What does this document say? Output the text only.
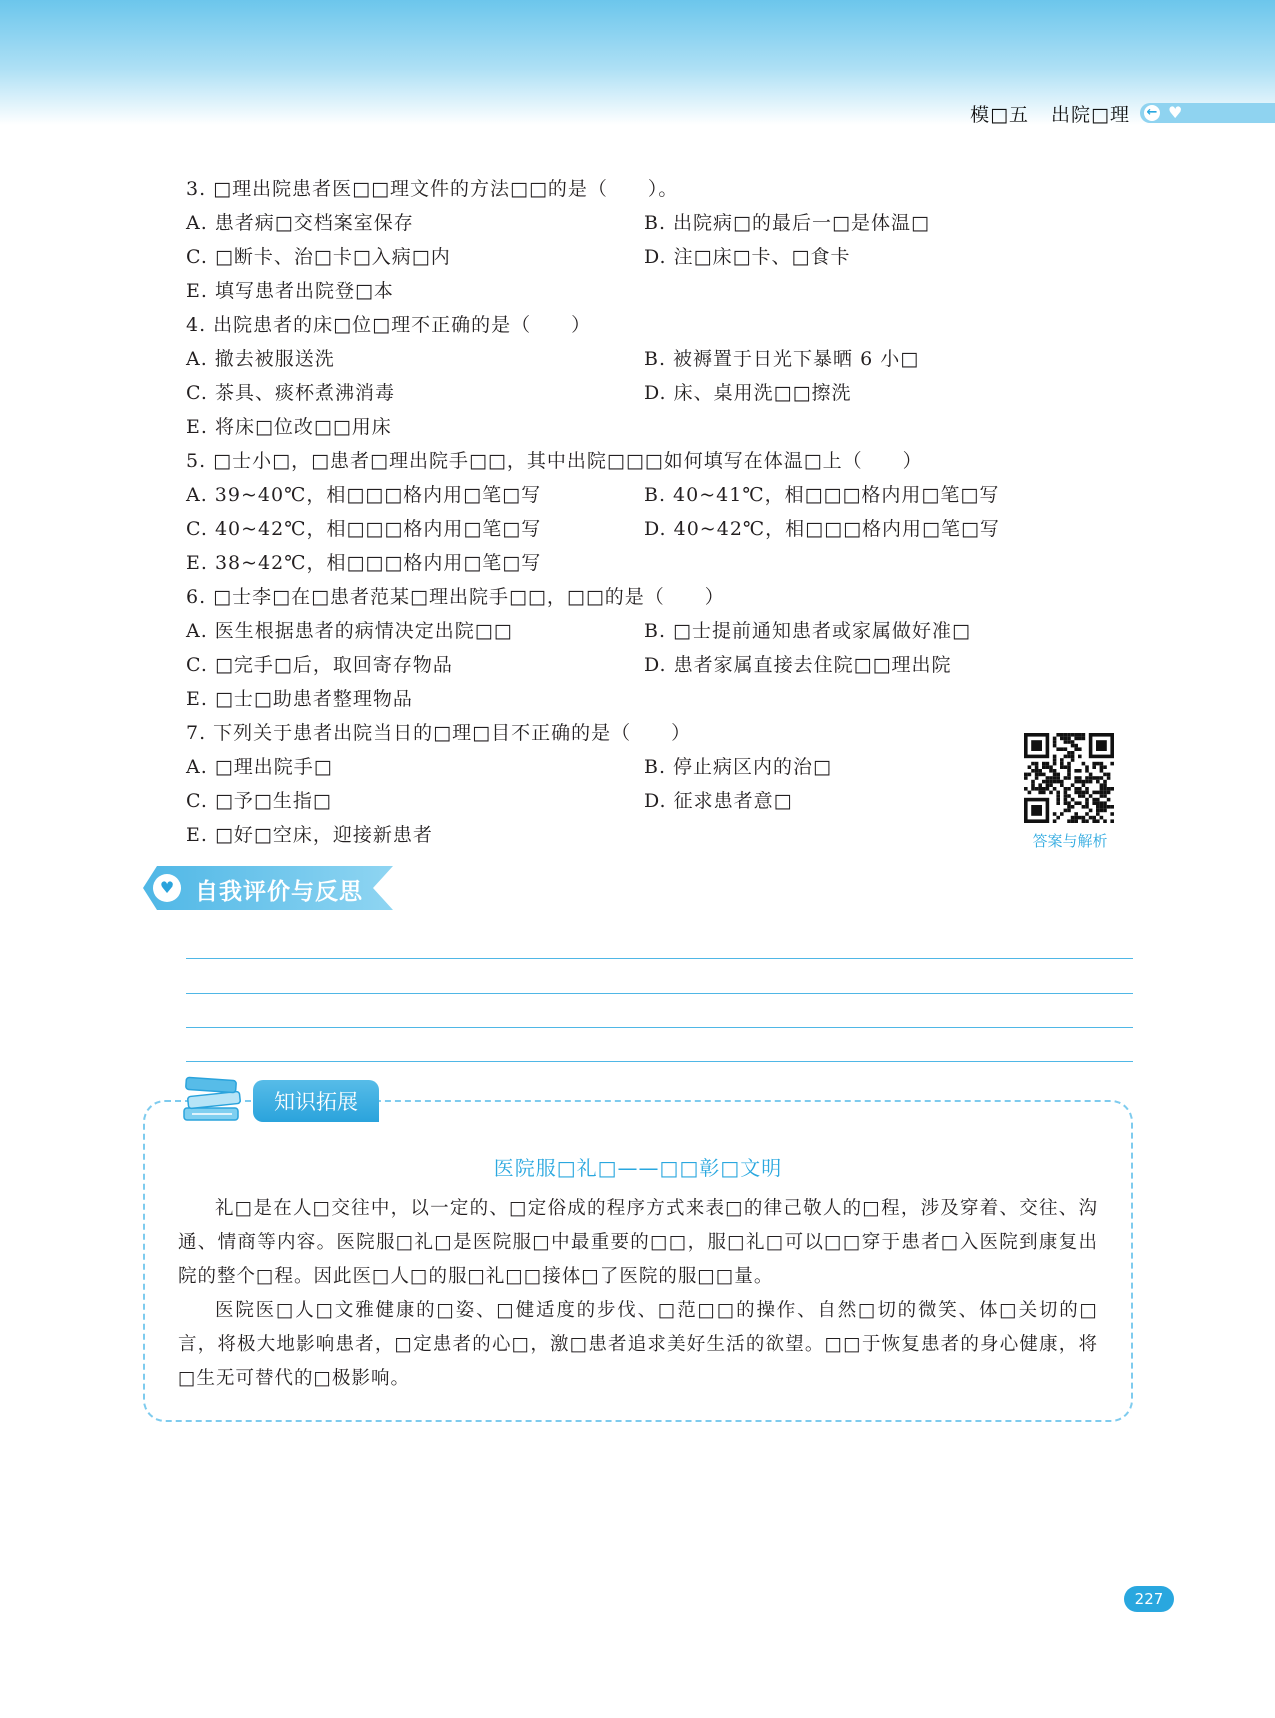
模□五 出院□理 ← ♥
3. □理出院患者医□□理文件的方法□□的是（　　）。
A. 患者病□交档案室保存	B. 出院病□的最后一□是体温□
C. □断卡、治□卡□入病□内	D. 注□床□卡、□食卡
E. 填写患者出院登□本
4. 出院患者的床□位□理不正确的是（　　）
A. 撤去被服送洗	B. 被褥置于日光下暴晒 6 小□
C. 茶具、痰杯煮沸消毒	D. 床、桌用洗□□擦洗
E. 将床□位改□□用床
5. □士小□，□患者□理出院手□□，其中出院□□□如何填写在体温□上（　　）
A. 39~40℃，相□□□格内用□笔□写	B. 40~41℃，相□□□格内用□笔□写
C. 40~42℃，相□□□格内用□笔□写	D. 40~42℃，相□□□格内用□笔□写
E. 38~42℃，相□□□格内用□笔□写
6. □士李□在□患者范某□理出院手□□，□□的是（　　）
A. 医生根据患者的病情决定出院□□	B. □士提前通知患者或家属做好准□
C. □完手□后，取回寄存物品	D. 患者家属直接去住院□□理出院
E. □士□助患者整理物品
7. 下列关于患者出院当日的□理□目不正确的是（　　）
A. □理出院手□	B. 停止病区内的治□
C. □予□生指□	D. 征求患者意□
E. □好□空床，迎接新患者	答案与解析
♥ 自我评价与反思
知识拓展
医院服□礼□——□□彰□文明

礼□是在人□交往中，以一定的、□定俗成的程序方式来表□的律己敬人的□程，涉及穿着、交往、沟通、情商等内容。医院服□礼□是医院服□中最重要的□□，服□礼□可以□□穿于患者□入医院到康复出院的整个□程。因此医□人□的服□礼□□接体□了医院的服□□量。

医院医□人□文雅健康的□姿、□健适度的步伐、□范□□的操作、自然□切的微笑、体□关切的□言，将极大地影响患者，□定患者的心□，激□患者追求美好生活的欲望。□□于恢复患者的身心健康，将□生无可替代的□极影响。

227
